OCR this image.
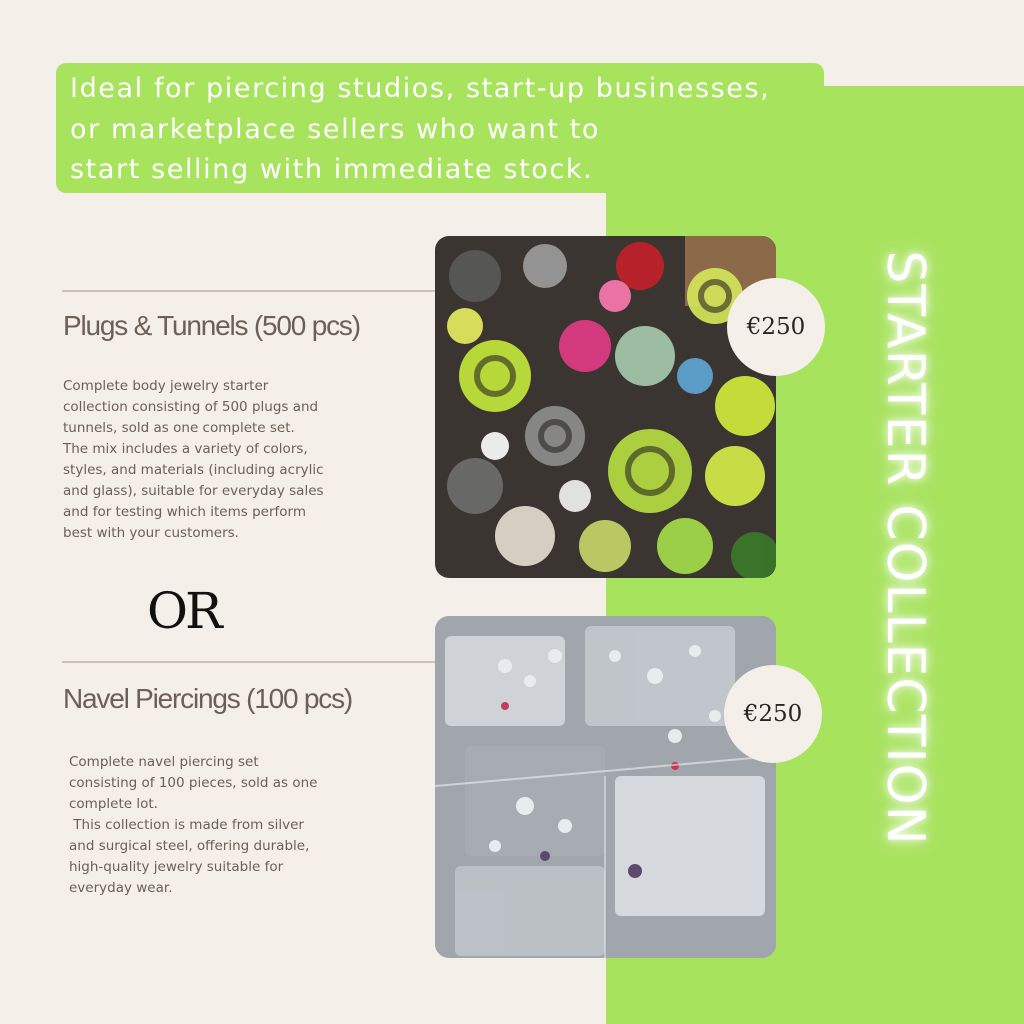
Ideal for piercing studios, start-up businesses,
or marketplace sellers who want to
start selling with immediate stock.
STARTER COLLECTION
Plugs & Tunnels (500 pcs)
Complete body jewelry starter
collection consisting of 500 plugs and
tunnels, sold as one complete set.
The mix includes a variety of colors,
styles, and materials (including acrylic
and glass), suitable for everyday sales
and for testing which items perform
best with your customers.
€250
OR
Navel Piercings (100 pcs)
Complete navel piercing set
consisting of 100 pieces, sold as one
complete lot.
This collection is made from silver
and surgical steel, offering durable,
high-quality jewelry suitable for
everyday wear.
€250
